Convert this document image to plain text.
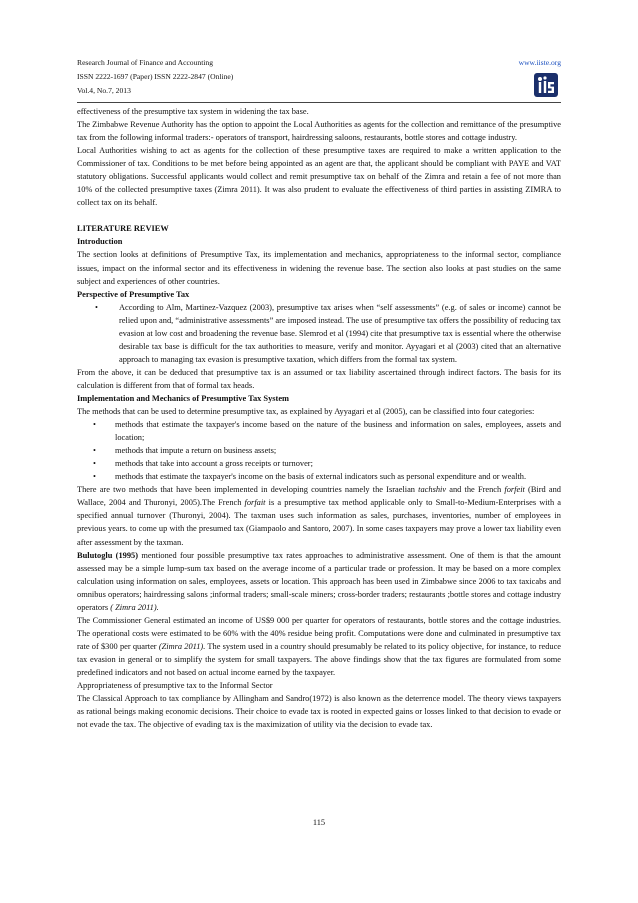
Research Journal of Finance and Accounting
ISSN 2222-1697 (Paper) ISSN 2222-2847 (Online)
Vol.4, No.7, 2013
www.iiste.org

effectiveness of the presumptive tax system in widening the tax base.

The Zimbabwe Revenue Authority has the option to appoint the Local Authorities as agents for the collection and remittance of the presumptive tax from the following informal traders:- operators of transport, hairdressing saloons, restaurants, bottle stores and cottage industry.

Local Authorities wishing to act as agents for the collection of these presumptive taxes are required to make a written application to the Commissioner of tax. Conditions to be met before being appointed as an agent are that, the applicant should be compliant with PAYE and VAT statutory obligations. Successful applicants would collect and remit presumptive tax on behalf of the Zimra and retain a fee of not more than 10% of the collected presumptive taxes (Zimra 2011). It was also prudent to evaluate the effectiveness of third parties in assisting ZIMRA to collect tax on its behalf.

LITERATURE REVIEW

Introduction

The section looks at definitions of Presumptive Tax, its implementation and mechanics, appropriateness to the informal sector, compliance issues, impact on the informal sector and its effectiveness in widening the revenue base. The section also looks at past studies on the same subject and experiences of other countries.

Perspective of Presumptive Tax

• According to Alm, Martinez-Vazquez (2003), presumptive tax arises when “self assessments” (e.g. of sales or income) cannot be relied upon and, “administrative assessments” are imposed instead. The use of presumptive tax offers the possibility of reducing tax evasion at low cost and broadening the revenue base. Slemrod et al (1994) cite that presumptive tax is essential where the otherwise desirable tax base is difficult for the tax authorities to measure, verify and monitor. Ayyagari et al (2003) cited that an alternative approach to managing tax evasion is presumptive taxation, which differs from the formal tax system.

From the above, it can be deduced that presumptive tax is an assumed or tax liability ascertained through indirect factors. The basis for its calculation is different from that of formal tax heads.

Implementation and Mechanics of Presumptive Tax System

The methods that can be used to determine presumptive tax, as explained by Ayyagari et al (2005), can be classified into four categories:

• methods that estimate the taxpayer's income based on the nature of the business and information on sales, employees, assets and location;
• methods that impute a return on business assets;
• methods that take into account a gross receipts or turnover;
• methods that estimate the taxpayer's income on the basis of external indicators such as personal expenditure and or wealth.

There are two methods that have been implemented in developing countries namely the Israelian tachshiv and the French forfeit (Bird and Wallace, 2004 and Thuronyi, 2005).The French forfait is a presumptive tax method applicable only to Small-to-Medium-Enterprises with a specified annual turnover (Thuronyi, 2004). The taxman uses such information as sales, purchases, inventories, number of employees in previous years. to come up with the presumed tax (Giampaolo and Santoro, 2007). In some cases taxpayers may prove a lower tax liability even after assessment by the taxman.

Bulutoglu (1995) mentioned four possible presumptive tax rates approaches to administrative assessment. One of them is that the amount assessed may be a simple lump-sum tax based on the average income of a particular trade or profession. It may be based on a more complex calculation using information on sales, employees, assets or location. This approach has been used in Zimbabwe since 2006 to tax taxicabs and omnibus operators; hairdressing salons ;informal traders; small-scale miners; cross-border traders; restaurants ;bottle stores and cottage industry operators ( Zimra 2011).

The Commissioner General estimated an income of US$9 000 per quarter for operators of restaurants, bottle stores and the cottage industries. The operational costs were estimated to be 60% with the 40% residue being profit. Computations were done and culminated in presumptive tax rate of $300 per quarter (Zimra 2011). The system used in a country should presumably be related to its policy objective, for instance, to reduce tax evasion in general or to simplify the system for small taxpayers. The above findings show that the tax figures are formulated from some predefined indicators and not based on actual income earned by the taxpayer.

Appropriateness of presumptive tax to the Informal Sector

The Classical Approach to tax compliance by Allingham and Sandro(1972) is also known as the deterrence model. The theory views taxpayers as rational beings making economic decisions. Their choice to evade tax is rooted in expected gains or losses linked to that decision to evade or not evade the tax. The objective of evading tax is the maximization of utility via the decision to evade tax.

115
